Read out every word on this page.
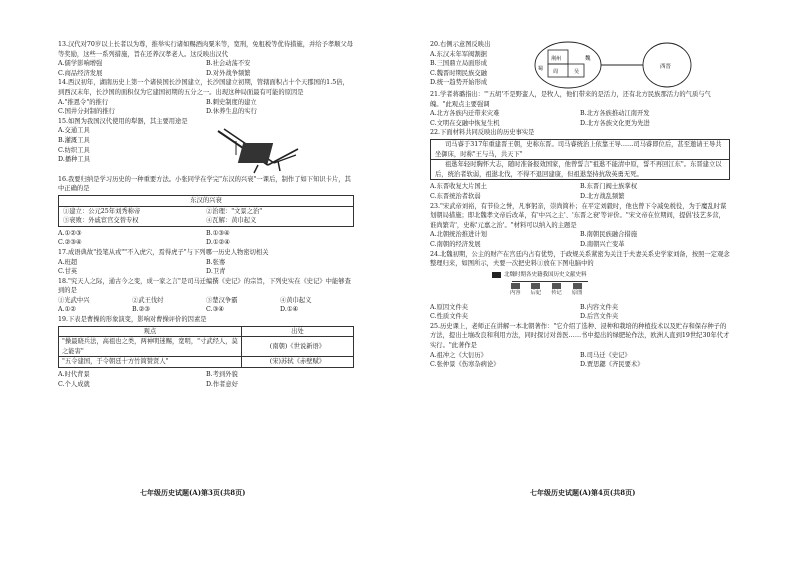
13.汉代对70岁以上长者以为尊，推举实行诸如赐酒肉粟米等，宽刑，免租税等优待措施，并给予孝顺父母等奖励，这些一系列措施，旨在还养汉孝老人。这反映出汉代

A.儒学影响增强	B.社会动荡不安
C.商品经济发展	D.对外战争频繁

14.西汉初年，湖南历史上第一个诸侯国长沙国建立，长沙国建立初期，管辖面积占十个天郡国的1.5倍，到西汉末年，长沙国的面积仅为它建国初期的五分之一。出现这种局面最有可能的原因是

A."推恩令"的推行	B.刺史制度的建立
C.国井分封制的推行	D.休养生息的实行

15.如图为我国汉代使用的犁器，其主要用途是

A.交通工具
B.灌溉工具
C.纺织工具
D.播种工具

16.我要归纳是学习历史的一种重要方法。小张同学在学完"东汉的兴衰"一课后，制作了如下知识卡片，其中正确的是

东汉的兴衰
①建立：公元25年刘秀称帝	②治理："文景之治"
③衰败：外戚宦官交替专权	④瓦解：黄巾起义
A.①②③	B.①③④
C.②③④	D.①②④

17.成语典故"投笔从戎""不入虎穴，焉得虎子"与下列哪一历史人物密切相关

A.班超	B.张骞
C.甘英	D.卫青

18."究天人之际，通古今之变，成一家之言"是司马迁编撰《史记》的宗旨，下列史实在《史记》中能够查到的是

①光武中兴	②武王伐纣	③楚汉争霸	④黄巾起义
A.①②	B.②③	C.③④	D.①④

19.下表是曹操的形象演变，影响对曹操评价的因素是

观点	出处
"操最晓兵法，高祖也之类，两神明迷赐，宽明，"寸武经人，莫之能害"	(南朝)《世说新语》
"五令建国，于令朝廷十方竹简赞贤人"	(宋)苏轼《赤壁赋》
A.时代背景	B.考到外貌
C.个人成就	D.作者意好
七年级历史试题(A)第3页(共8页)

20.右侧示意图反映出

A.东汉末年军阀割据
B.三国鼎立局面形成
C.魏晋时期民族交融
D.统一趋势开始形成

21.学者蒋璐指出："'五胡'不是野蛮人，是牧人，他们带来的是活力，还有北方民族那活力的气质与气魄。"此观点主要强调

A.北方各族内迁带来灾难	B.北方各族推动江南开发
C.文明在交融中恢复生机	D.北方各族文化更为先进

22.下面材料共同反映出的历史事实是

司马睿于317年重建晋王朝，史称东晋。司马睿统治上依靠王导……司马睿即位后，甚至邀请王导共坐御床，时称"王与马，共天下"
祖逖年轻时胸怀大志，随时准备报效国家，他曾誓言"祖逖不能清中原，誓不再回江东"。东晋建立以后，统治者软弱，祖逖北伐，不得不退回建康，但祖逖坚持抗敌英勇无死。
A.东晋收复大片国土	B.东晋门阀士族掌权
C.东晋统治者软弱	D.北方战乱频繁

23."宋武帝刘裕，有节俭之誉，凡事躬亲，崇尚简朴；在平定刘毅时，他也曾下令减免税役，为于魔乱时谋划朝局措施；即北魏孝文帝后改革，有'中兴之主'、'东晋之衰'等评价。"宋文帝在位期间，提倡'技艺多营，谁尚繁苛'，史称'元嘉之治'。"材料可以纳入的主题是

A.北朝统治推进计划	B.南朝民族融合措施
C.南朝的经济发展	D.南朝兴亡变革

24.北魏初期，公主的财产在宫廷内占有优势，于政规关系紧密为关注于夫妻关系史学家刘备，按照一定观念整理归来，如图所示，夫要一次把史料①放在下图电脑中的

北魏时期各史籍我国历史文献史料
内容 后妃 传记 原图
A.原因文件夹	B.内容文件夹
C.性质文件夹	D.后宫文件夹

25.历史课上，老师正在讲解一本北朝著作："它介绍了选种、浸种和栽培的种植技术以及贮存和保存种子的方法，提出土壤改良和利用方法，同时探讨对兽医……书中提出的绿肥轮作法，欧洲人直到19世纪30年代才实行。"此著作是

A.祖冲之《大衍历》	B.司马迁《史记》
C.张仲景《伤寒杂病论》	D.贾思勰《齐民要术》
荆州	魏
周	吴
蜀	西晋
七年级历史试题(A)第4页(共8页)
